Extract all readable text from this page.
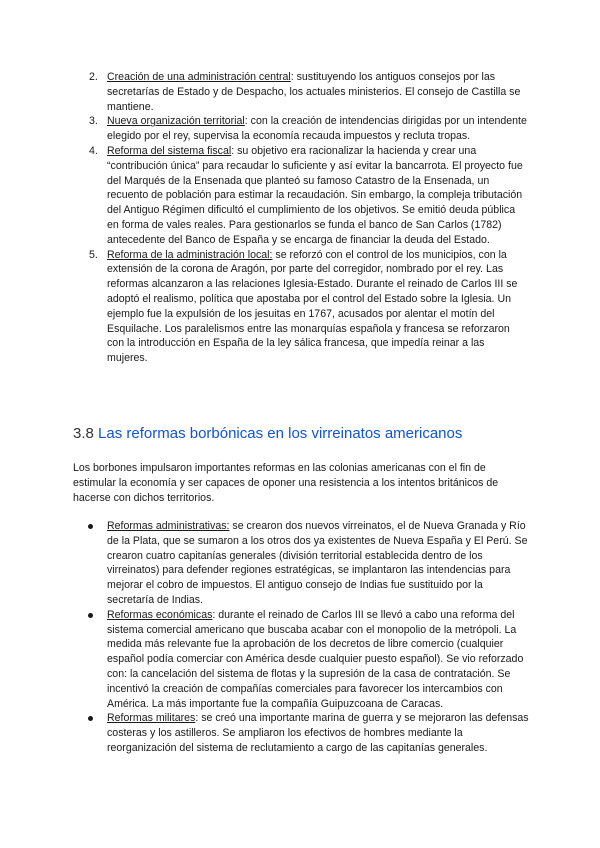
2. Creación de una administración central: sustituyendo los antiguos consejos por las secretarías de Estado y de Despacho, los actuales ministerios. El consejo de Castilla se mantiene.

3. Nueva organización territorial: con la creación de intendencias dirigidas por un intendente elegido por el rey, supervisa la economía recauda impuestos y recluta tropas.

4. Reforma del sistema fiscal: su objetivo era racionalizar la hacienda y crear una “contribución única” para recaudar lo suficiente y así evitar la bancarrota. El proyecto fue del Marqués de la Ensenada que planteó su famoso Catastro de la Ensenada, un recuento de población para estimar la recaudación. Sin embargo, la compleja tributación del Antiguo Régimen dificultó el cumplimiento de los objetivos. Se emitió deuda pública en forma de vales reales. Para gestionarlos se funda el banco de San Carlos (1782) antecedente del Banco de España y se encarga de financiar la deuda del Estado.

5. Reforma de la administración local: se reforzó con el control de los municipios, con la extensión de la corona de Aragón, por parte del corregidor, nombrado por el rey. Las reformas alcanzaron a las relaciones Iglesia-Estado. Durante el reinado de Carlos III se adoptó el realismo, política que apostaba por el control del Estado sobre la Iglesia. Un ejemplo fue la expulsión de los jesuitas en 1767, acusados por alentar el motín del Esquilache. Los paralelismos entre las monarquías española y francesa se reforzaron con la introducción en España de la ley sálica francesa, que impedía reinar a las mujeres.

3.8 Las reformas borbónicas en los virreinatos americanos

Los borbones impulsaron importantes reformas en las colonias americanas con el fin de estimular la economía y ser capaces de oponer una resistencia a los intentos británicos de hacerse con dichos territorios.

Reformas administrativas: se crearon dos nuevos virreinatos, el de Nueva Granada y Río de la Plata, que se sumaron a los otros dos ya existentes de Nueva España y El Perú. Se crearon cuatro capitanías generales (división territorial establecida dentro de los virreinatos) para defender regiones estratégicas, se implantaron las intendencias para mejorar el cobro de impuestos. El antiguo consejo de Indias fue sustituido por la secretaría de Indias.

Reformas económicas: durante el reinado de Carlos III se llevó a cabo una reforma del sistema comercial americano que buscaba acabar con el monopolio de la metrópoli. La medida más relevante fue la aprobación de los decretos de libre comercio (cualquier español podía comerciar con América desde cualquier puesto español). Se vio reforzado con: la cancelación del sistema de flotas y la supresión de la casa de contratación. Se incentivó la creación de compañías comerciales para favorecer los intercambios con América. La más importante fue la compañía Guipuzcoana de Caracas.

Reformas militares: se creó una importante marina de guerra y se mejoraron las defensas costeras y los astilleros. Se ampliaron los efectivos de hombres mediante la reorganización del sistema de reclutamiento a cargo de las capitanías generales.
